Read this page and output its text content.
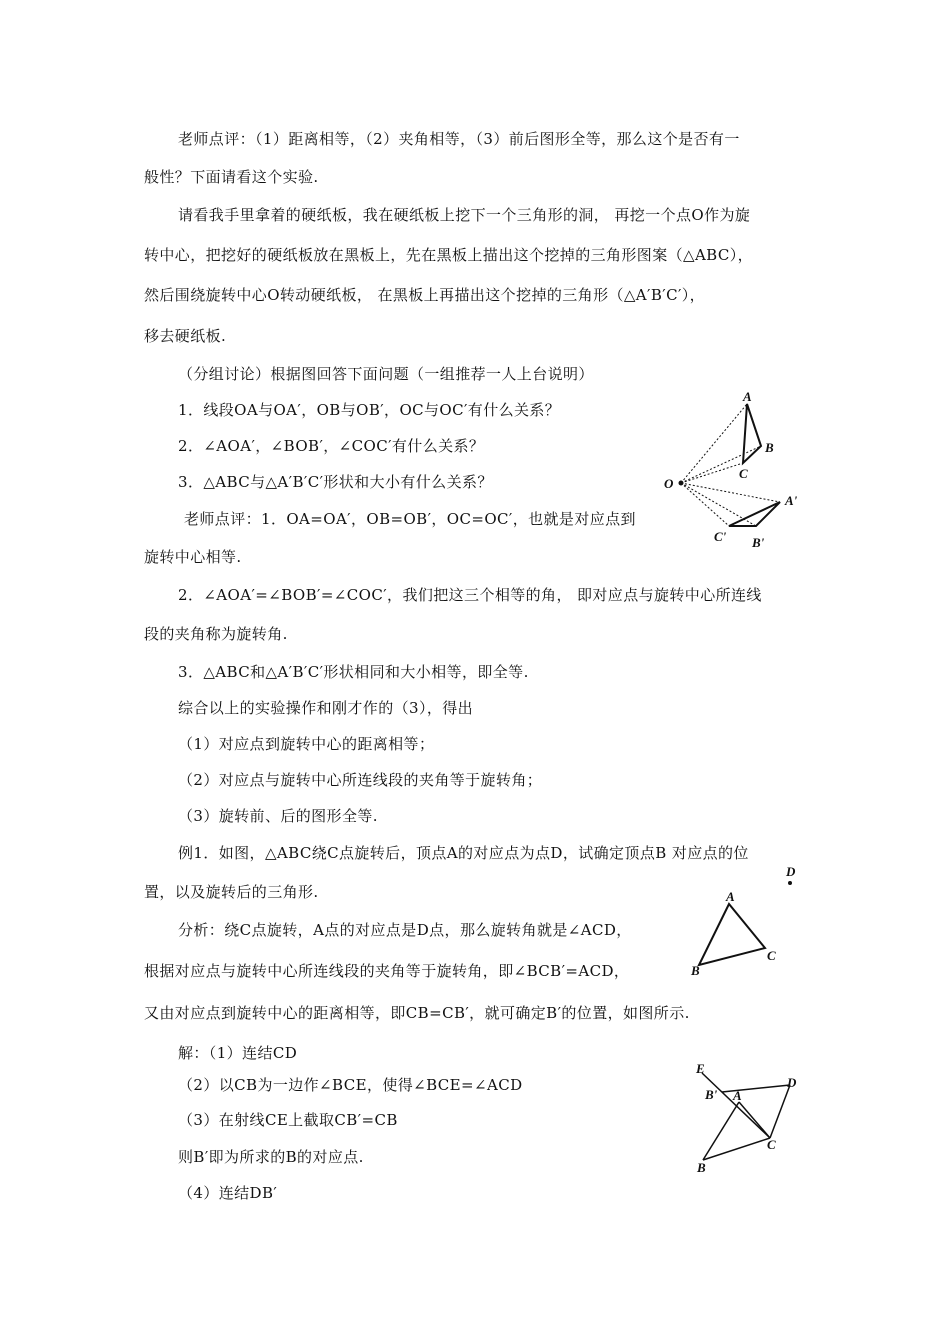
老师点评：（1）距离相等，（2）夹角相等，（3）前后图形全等，那么这个是否有一
般性？下面请看这个实验.
请看我手里拿着的硬纸板，我在硬纸板上挖下一个三角形的洞， 再挖一个点O作为旋
转中心，把挖好的硬纸板放在黑板上，先在黑板上描出这个挖掉的三角形图案（△ABC），
然后围绕旋转中心O转动硬纸板， 在黑板上再描出这个挖掉的三角形（△A′B′C′），
移去硬纸板.
（分组讨论）根据图回答下面问题（一组推荐一人上台说明）
1．线段OA与OA′，OB与OB′，OC与OC′有什么关系？
2．∠AOA′，∠BOB′，∠COC′有什么关系？
3．△ABC与△A′B′C′形状和大小有什么关系？
老师点评：1．OA=OA′，OB=OB′，OC=OC′，也就是对应点到
旋转中心相等.
2．∠AOA′=∠BOB′=∠COC′，我们把这三个相等的角， 即对应点与旋转中心所连线
段的夹角称为旋转角.
3．△ABC和△A′B′C′形状相同和大小相等，即全等.
综合以上的实验操作和刚才作的（3），得出
（1）对应点到旋转中心的距离相等；
（2）对应点与旋转中心所连线段的夹角等于旋转角；
（3）旋转前、后的图形全等.
例1．如图，△ABC绕C点旋转后，顶点A的对应点为点D，试确定顶点B 对应点的位
置，以及旋转后的三角形.
分析：绕C点旋转，A点的对应点是D点，那么旋转角就是∠ACD，
根据对应点与旋转中心所连线段的夹角等于旋转角，即∠BCB′=ACD，
又由对应点到旋转中心的距离相等，即CB=CB′，就可确定B′的位置，如图所示.
解：（1）连结CD
（2）以CB为一边作∠BCE，使得∠BCE=∠ACD
（3）在射线CE上截取CB′=CB
则B′即为所求的B的对应点.
（4）连结DB′
A
B
C
O
A'
C' B'
D
A
B
C
E
B' A
D
C
B
